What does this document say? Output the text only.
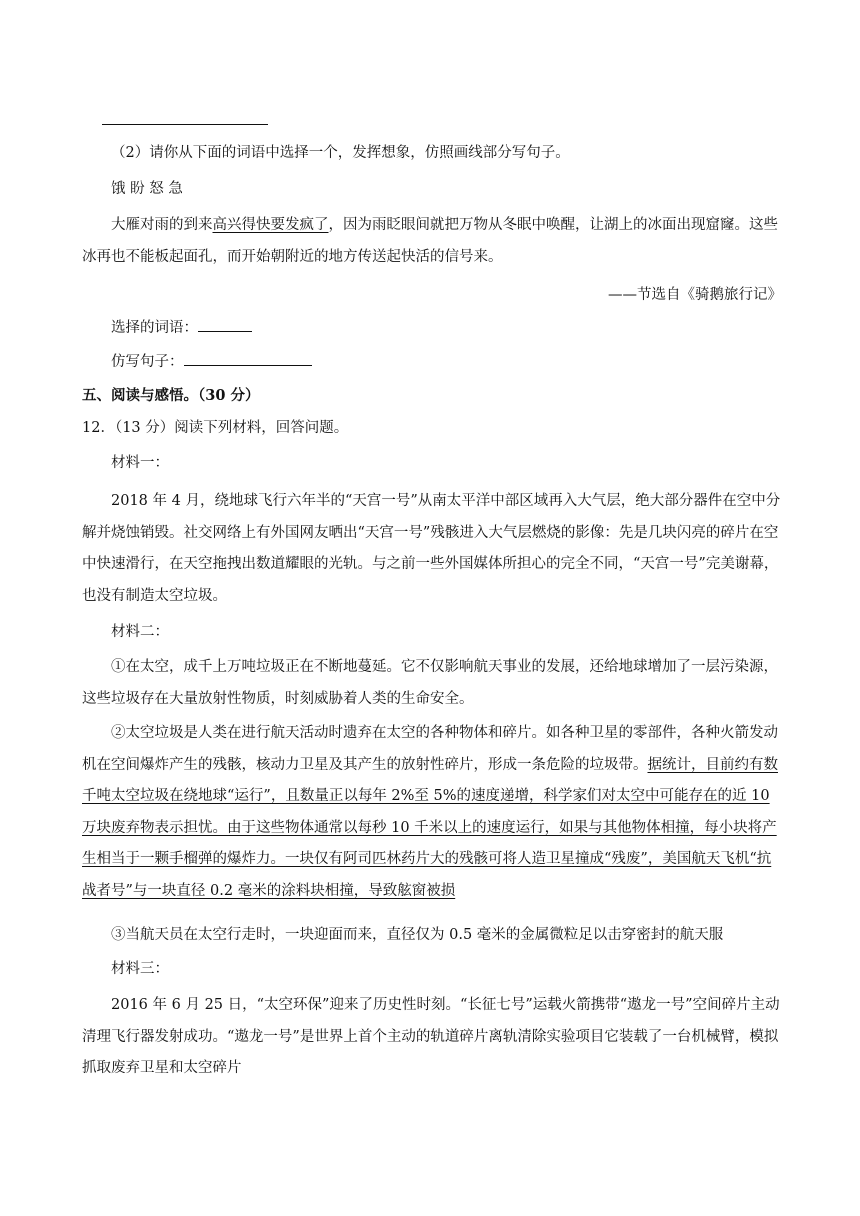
（2）请你从下面的词语中选择一个，发挥想象，仿照画线部分写句子。
饿 盼 怒 急
大雁对雨的到来高兴得快要发疯了，因为雨眨眼间就把万物从冬眠中唤醒，让湖上的冰面出现窟窿。这些冰再也不能板起面孔，而开始朝附近的地方传送起快活的信号来。
——节选自《骑鹅旅行记》
选择的词语：
仿写句子：
五、阅读与感悟。（30 分）
12．（13 分）阅读下列材料，回答问题。
材料一：
2018 年 4 月，绕地球飞行六年半的“天宫一号”从南太平洋中部区域再入大气层，绝大部分器件在空中分解并烧蚀销毁。社交网络上有外国网友晒出“天宫一号”残骸进入大气层燃烧的影像：先是几块闪亮的碎片在空中快速滑行，在天空拖拽出数道耀眼的光轨。与之前一些外国媒体所担心的完全不同，“天宫一号”完美谢幕，也没有制造太空垃圾。
材料二：
①在太空，成千上万吨垃圾正在不断地蔓延。它不仅影响航天事业的发展，还给地球增加了一层污染源，这些垃圾存在大量放射性物质，时刻威胁着人类的生命安全。
②太空垃圾是人类在进行航天活动时遗弃在太空的各种物体和碎片。如各种卫星的零部件，各种火箭发动机在空间爆炸产生的残骸，核动力卫星及其产生的放射性碎片，形成一条危险的垃圾带。据统计，目前约有数千吨太空垃圾在绕地球“运行”，且数量正以每年 2%至 5%的速度递增，科学家们对太空中可能存在的近 10 万块废弃物表示担忧。由于这些物体通常以每秒 10 千米以上的速度运行，如果与其他物体相撞，每小块将产生相当于一颗手榴弹的爆炸力。一块仅有阿司匹林药片大的残骸可将人造卫星撞成“残废”，美国航天飞机“抗战者号”与一块直径 0.2 毫米的涂料块相撞，导致舷窗被损
③当航天员在太空行走时，一块迎面而来，直径仅为 0.5 毫米的金属微粒足以击穿密封的航天服
材料三：
2016 年 6 月 25 日，“太空环保”迎来了历史性时刻。“长征七号”运载火箭携带“遨龙一号”空间碎片主动清理飞行器发射成功。“遨龙一号”是世界上首个主动的轨道碎片离轨清除实验项目它装载了一台机械臂，模拟抓取废弃卫星和太空碎片
